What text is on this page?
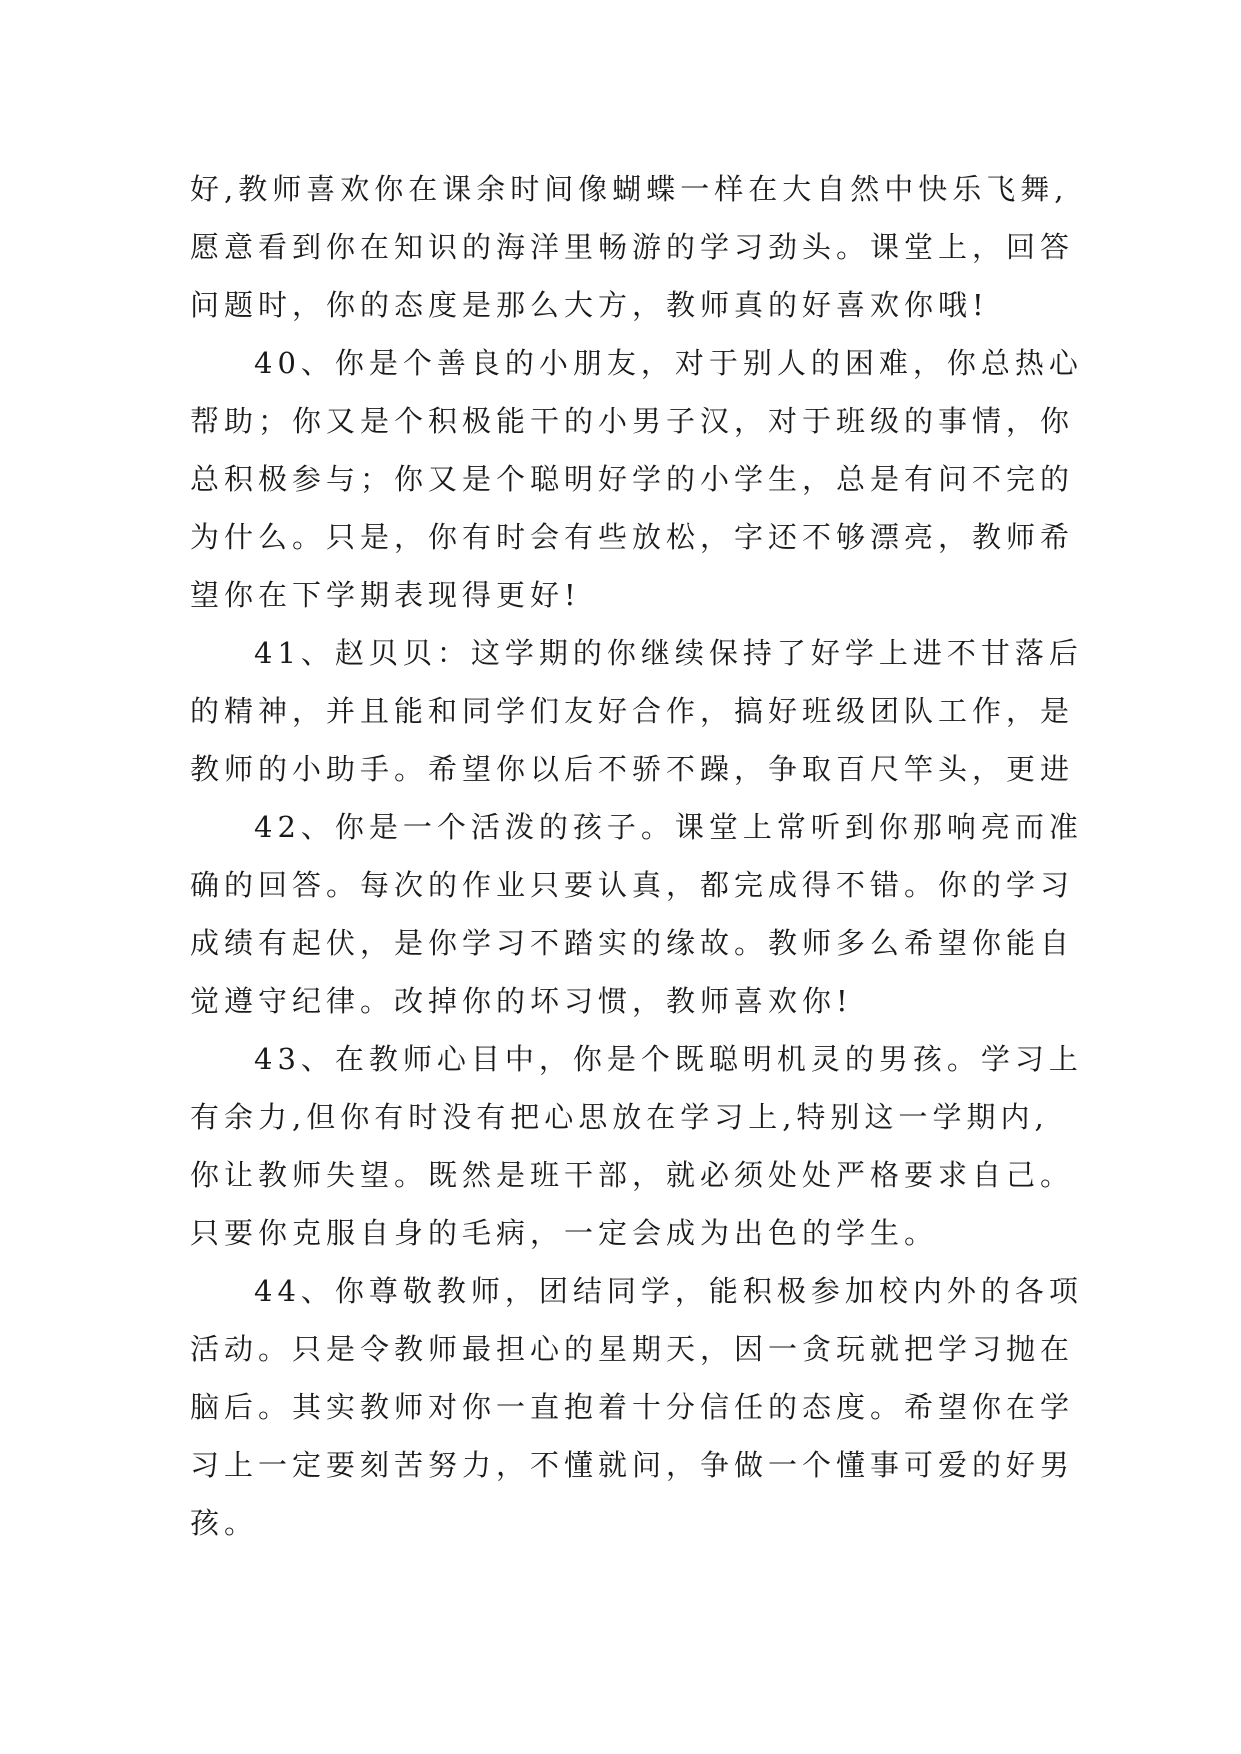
好,教师喜欢你在课余时间像蝴蝶一样在大自然中快乐飞舞,
愿意看到你在知识的海洋里畅游的学习劲头。课堂上，回答
问题时，你的态度是那么大方，教师真的好喜欢你哦!
40、你是个善良的小朋友，对于别人的困难，你总热心
帮助；你又是个积极能干的小男子汉，对于班级的事情，你
总积极参与；你又是个聪明好学的小学生，总是有问不完的
为什么。只是，你有时会有些放松，字还不够漂亮，教师希
望你在下学期表现得更好!
41、赵贝贝：这学期的你继续保持了好学上进不甘落后
的精神，并且能和同学们友好合作，搞好班级团队工作，是
教师的小助手。希望你以后不骄不躁，争取百尺竿头，更进
42、你是一个活泼的孩子。课堂上常听到你那响亮而准
确的回答。每次的作业只要认真，都完成得不错。你的学习
成绩有起伏，是你学习不踏实的缘故。教师多么希望你能自
觉遵守纪律。改掉你的坏习惯，教师喜欢你!
43、在教师心目中，你是个既聪明机灵的男孩。学习上
有余力,但你有时没有把心思放在学习上,特别这一学期内,
你让教师失望。既然是班干部，就必须处处严格要求自己。
只要你克服自身的毛病，一定会成为出色的学生。
44、你尊敬教师，团结同学，能积极参加校内外的各项
活动。只是令教师最担心的星期天，因一贪玩就把学习抛在
脑后。其实教师对你一直抱着十分信任的态度。希望你在学
习上一定要刻苦努力，不懂就问，争做一个懂事可爱的好男
孩。
